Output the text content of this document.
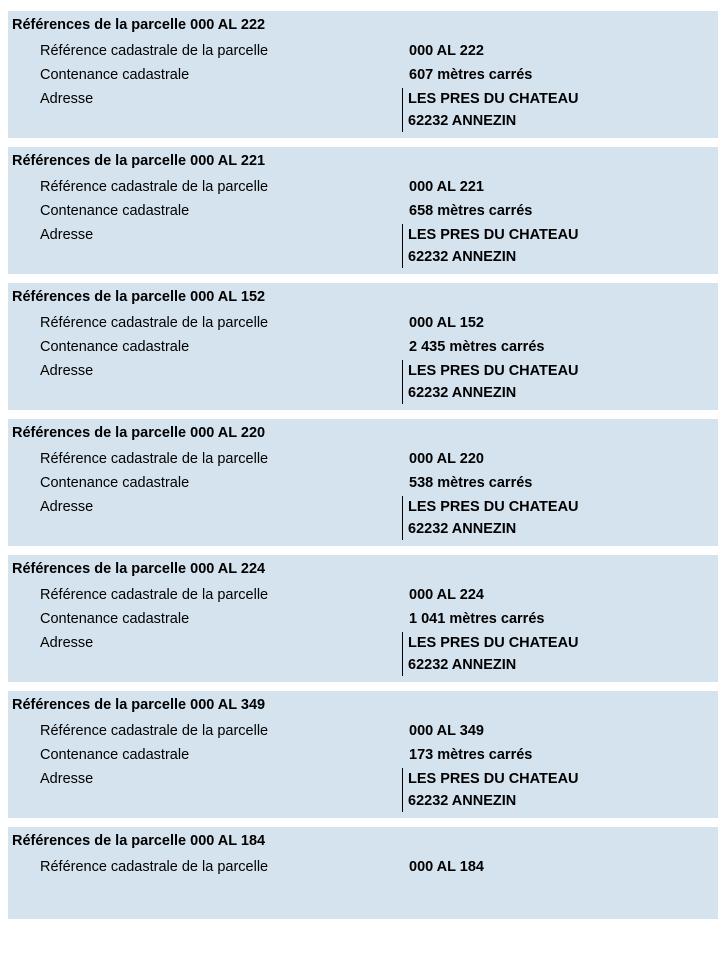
Références de la parcelle 000 AL 222
Référence cadastrale de la parcelle	000 AL 222
Contenance cadastrale	607 mètres carrés
Adresse	LES PRES DU CHATEAU
62232 ANNEZIN
Références de la parcelle 000 AL 221
Référence cadastrale de la parcelle	000 AL 221
Contenance cadastrale	658 mètres carrés
Adresse	LES PRES DU CHATEAU
62232 ANNEZIN
Références de la parcelle 000 AL 152
Référence cadastrale de la parcelle	000 AL 152
Contenance cadastrale	2 435 mètres carrés
Adresse	LES PRES DU CHATEAU
62232 ANNEZIN
Références de la parcelle 000 AL 220
Référence cadastrale de la parcelle	000 AL 220
Contenance cadastrale	538 mètres carrés
Adresse	LES PRES DU CHATEAU
62232 ANNEZIN
Références de la parcelle 000 AL 224
Référence cadastrale de la parcelle	000 AL 224
Contenance cadastrale	1 041 mètres carrés
Adresse	LES PRES DU CHATEAU
62232 ANNEZIN
Références de la parcelle 000 AL 349
Référence cadastrale de la parcelle	000 AL 349
Contenance cadastrale	173 mètres carrés
Adresse	LES PRES DU CHATEAU
62232 ANNEZIN
Références de la parcelle 000 AL 184
Référence cadastrale de la parcelle	000 AL 184
